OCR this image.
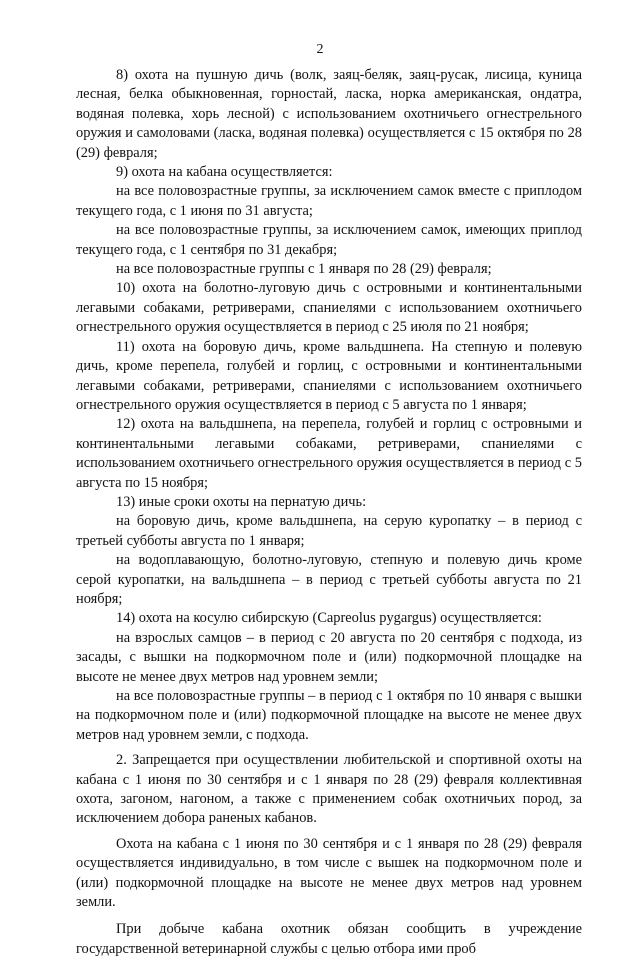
2

8) охота на пушную дичь (волк, заяц-беляк, заяц-русак, лисица, куница лесная, белка обыкновенная, горностай, ласка, норка американская, ондатра, водяная полевка, хорь лесной) с использованием охотничьего огнестрельного оружия и самоловами (ласка, водяная полевка) осуществляется с 15 октября по 28 (29) февраля;

9) охота на кабана осуществляется:

на все половозрастные группы, за исключением самок вместе с приплодом текущего года, с 1 июня по 31 августа;

на все половозрастные группы, за исключением самок, имеющих приплод текущего года, с 1 сентября по 31 декабря;

на все половозрастные группы с 1 января по 28 (29) февраля;

10) охота на болотно-луговую дичь с островными и континентальными легавыми собаками, ретриверами, спаниелями с использованием охотничьего огнестрельного оружия осуществляется в период с 25 июля по 21 ноября;

11) охота на боровую дичь, кроме вальдшнепа. На степную и полевую дичь, кроме перепела, голубей и горлиц, с островными и континентальными легавыми собаками, ретриверами, спаниелями с использованием охотничьего огнестрельного оружия осуществляется в период с 5 августа по 1 января;

12) охота на вальдшнепа, на перепела, голубей и горлиц с островными и континентальными легавыми собаками, ретриверами, спаниелями с использованием охотничьего огнестрельного оружия осуществляется в период с 5 августа по 15 ноября;

13) иные сроки охоты на пернатую дичь:

на боровую дичь, кроме вальдшнепа, на серую куропатку – в период с третьей субботы августа по 1 января;

на водоплавающую, болотно-луговую, степную и полевую дичь кроме серой куропатки, на вальдшнепа – в период с третьей субботы августа по 21 ноября;

14) охота на косулю сибирскую (Capreolus pygargus) осуществляется:

на взрослых самцов – в период с 20 августа по 20 сентября с подхода, из засады, с вышки на подкормочном поле и (или) подкормочной площадке на высоте не менее двух метров над уровнем земли;

на все половозрастные группы – в период с 1 октября по 10 января с вышки на подкормочном поле и (или) подкормочной площадке на высоте не менее двух метров над уровнем земли, с подхода.

2. Запрещается при осуществлении любительской и спортивной охоты на кабана с 1 июня по 30 сентября и с 1 января по 28 (29) февраля коллективная охота, загоном, нагоном, а также с применением собак охотничьих пород, за исключением добора раненых кабанов.

Охота на кабана с 1 июня по 30 сентября и с 1 января по 28 (29) февраля осуществляется индивидуально, в том числе с вышек на подкормочном поле и (или) подкормочной площадке на высоте не менее двух метров над уровнем земли.

При добыче кабана охотник обязан сообщить в учреждение государственной ветеринарной службы с целью отбора ими проб
